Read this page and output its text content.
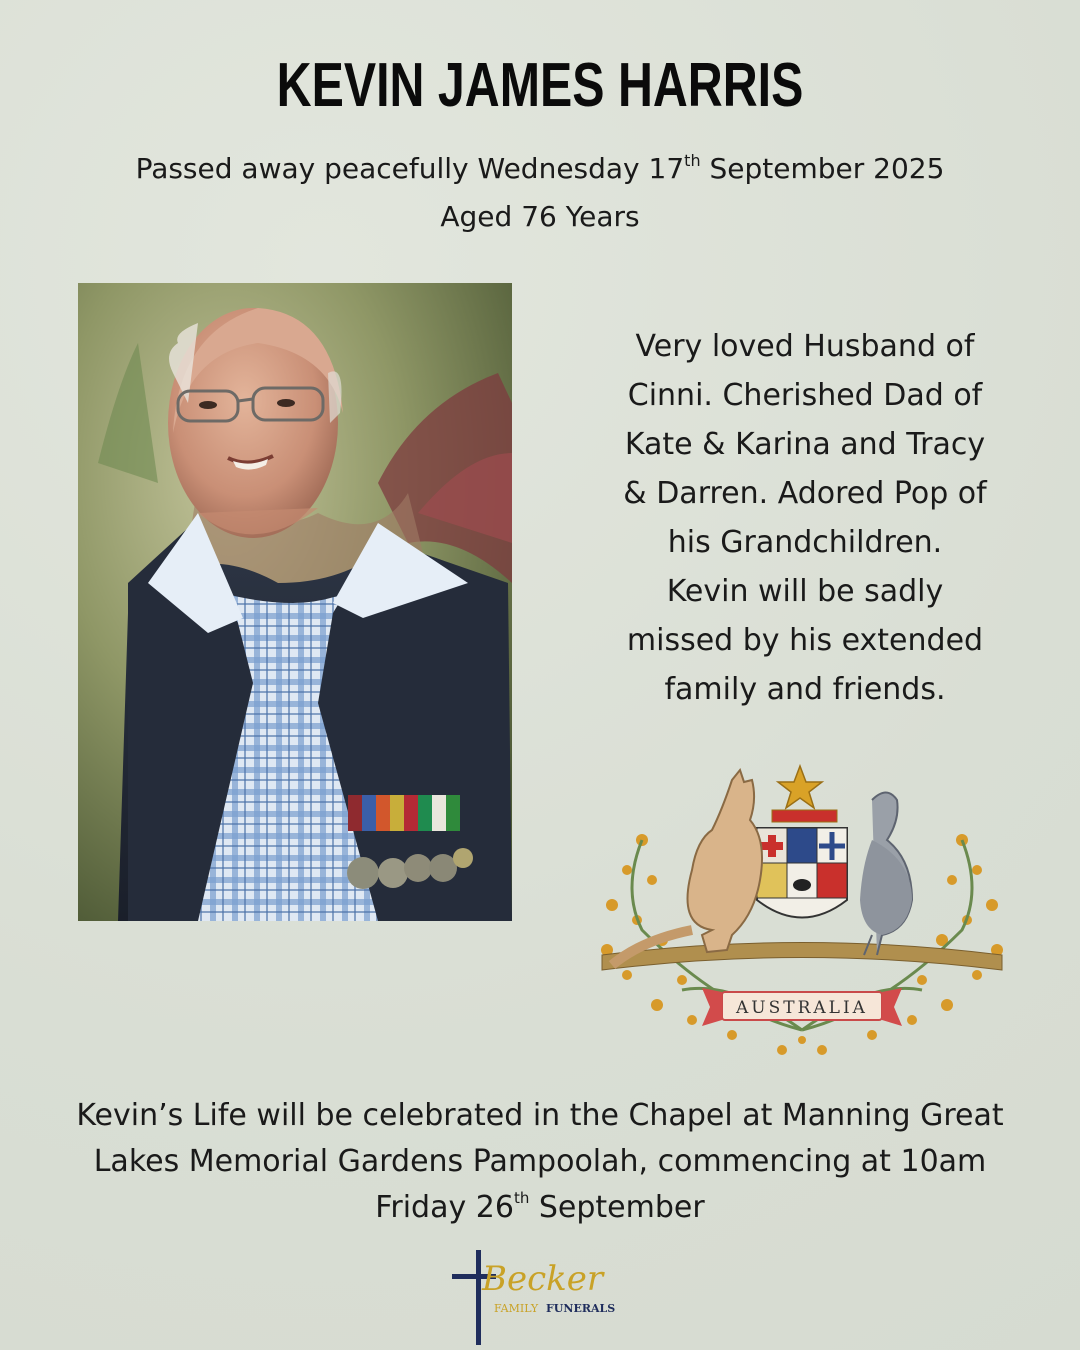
KEVIN JAMES HARRIS
Passed away peacefully Wednesday 17th September 2025
Aged 76 Years
Very loved Husband of
Cinni. Cherished Dad of
Kate & Karina and Tracy
& Darren. Adored Pop of
his Grandchildren.
Kevin will be sadly
missed by his extended
family and friends.
AUSTRALIA
Kevin’s Life will be celebrated in the Chapel at Manning Great
Lakes Memorial Gardens Pampoolah, commencing at 10am
Friday 26th September
Becker
FAMILY FUNERALS
